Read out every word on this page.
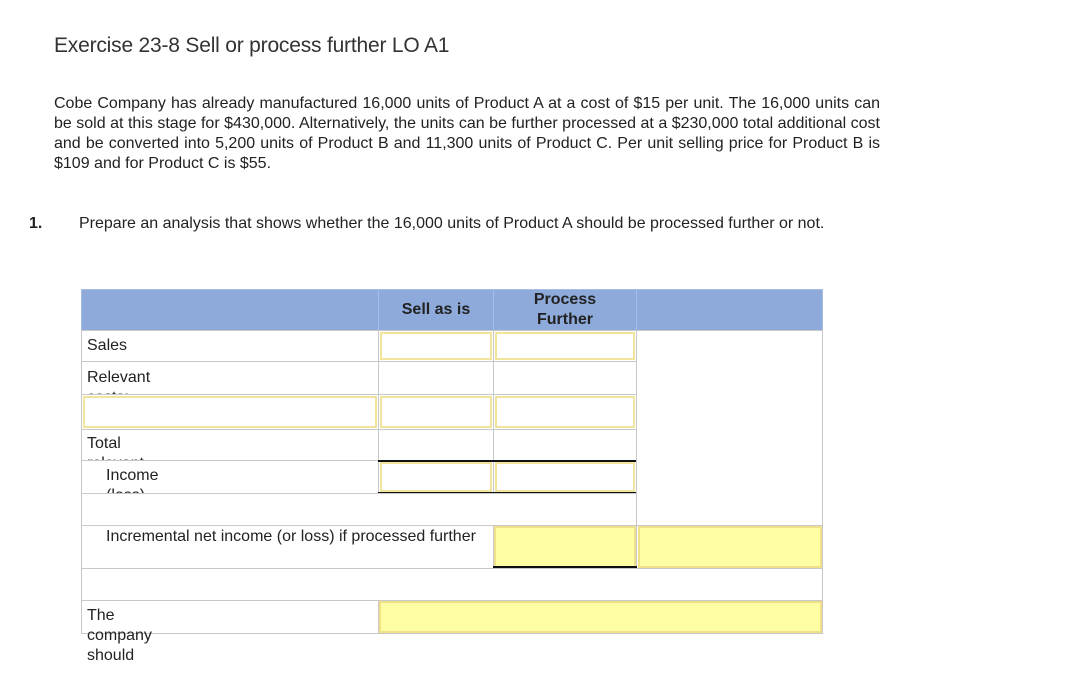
Exercise 23-8 Sell or process further LO A1
Cobe Company has already manufactured 16,000 units of Product A at a cost of $15 per unit. The 16,000 units can be sold at this stage for $430,000. Alternatively, the units can be further processed at a $230,000 total additional cost and be converted into 5,200 units of Product B and 11,300 units of Product C. Per unit selling price for Product B is $109 and for Product C is $55.
1. Prepare an analysis that shows whether the 16,000 units of Product A should be processed further or not.
Sell as is
Process Further
Sales
Relevant
Total
Income
Incremental net income (or loss) if processed further
The company should
